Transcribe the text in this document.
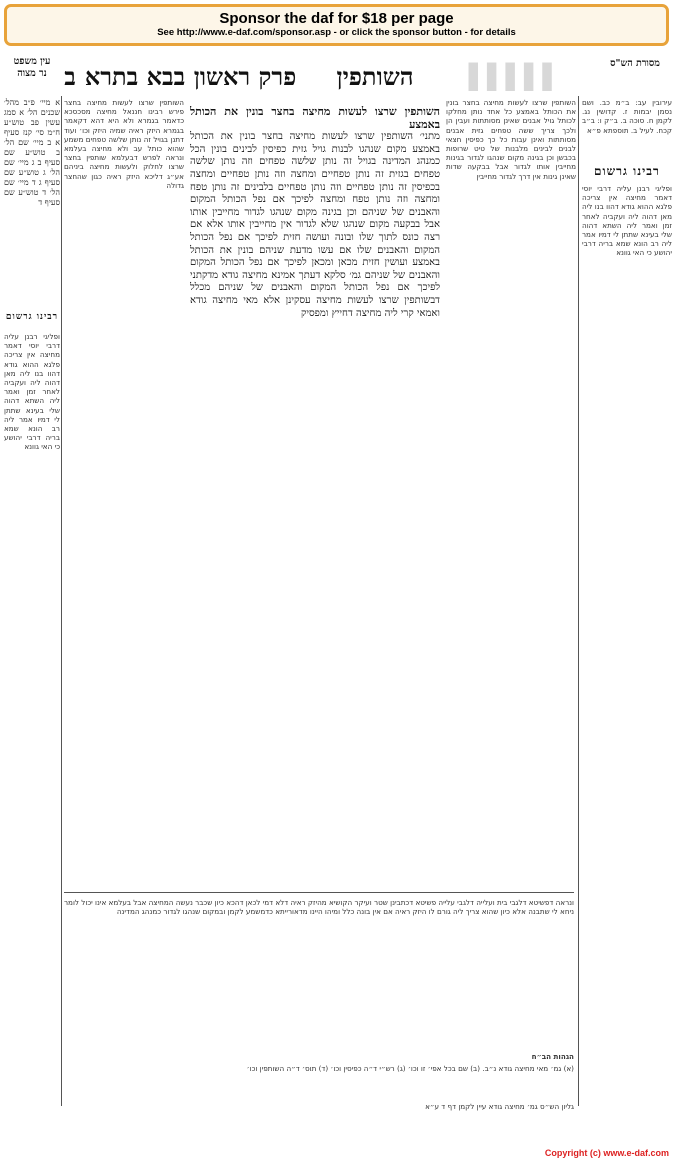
Sponsor the daf for $18 per page
See http://www.e-daf.com/sponsor.asp - or click the sponsor button - for details
ב בבא בתרא פרק ראשון	השותפין	▌▌▌▌▌
עין משפט
נר מצוה
מסורת הש"ס
א מיי׳ פ״ב מהל׳ שכנים הל׳ א סמג עשין פב טוש״ע ח״מ סי׳ קנז סעיף א ב מיי׳ שם הל׳ ב טוש״ע שם סעיף ב ג מיי׳ שם הל׳ ג טוש״ע שם סעיף ג ד מיי׳ שם הל׳ ד טוש״ע שם סעיף ד
רבינו גרשום
ופליגי רבנן עליה דרבי יוסי דאמר מחיצה אין צריכה פלגא ההוא גודא דהוו בנו ליה מאן דהוה ליה ועקביה לאחר זמן ואמר ליה השתא דהוה שלי בעינא שתתן לי דמיו אמר ליה רב הונא שמא בריה דרבי יהושע כי האי גוונא
השותפין שרצו לעשות מחיצה בחצר פירש רבינו חננאל מחיצה מסכסכא כדאמר בגמרא ולא היא דהא דקאמר בגמרא היזק ראיה שמיה היזק וכו׳ ועוד דתנן בגויל זה נותן שלשה טפחים משמע שהוא כותל עב ולא מחיצה בעלמא ונראה לפרש דבעלמא שותפין בחצר שרצו לחלוק ולעשות מחיצה ביניהם אע״ג דליכא היזק ראיה כגון שהחצר גדולה
השותפין שרצו לעשות מחיצה בחצר בונין את הכותל באמצע
מתני׳ השותפין שרצו לעשות מחיצה בחצר בונין את הכותל באמצע מקום שנהגו לבנות גויל גזית כפיסין לבינים בונין הכל כמנהג המדינה בגויל זה נותן שלשה טפחים וזה נותן שלשה טפחים בגזית זה נותן טפחיים ומחצה וזה נותן טפחיים ומחצה בכפיסין זה נותן טפחיים וזה נותן טפחיים בלבינים זה נותן טפח ומחצה וזה נותן טפח ומחצה לפיכך אם נפל הכותל המקום והאבנים של שניהם וכן בגינה מקום שנהגו לגדור מחייבין אותו אבל בבקעה מקום שנהגו שלא לגדור אין מחייבין אותו אלא אם רצה כונס לתוך שלו ובונה ועושה חזית לפיכך אם נפל הכותל המקום והאבנים שלו אם עשו מדעת שניהם בונין את הכותל באמצע ועושין חזית מכאן ומכאן לפיכך אם נפל הכותל המקום והאבנים של שניהם גמ׳ סלקא דעתך אמינא מחיצה גודא מדקתני לפיכך אם נפל הכותל המקום והאבנים של שניהם מכלל דבשותפין שרצו לעשות מחיצה עסקינן אלא מאי מחיצה גודא ואמאי קרי ליה מחיצה דחייץ ומפסיק
השותפין שרצו לעשות מחיצה בחצר בונין את הכותל באמצע כל אחד נותן מחלקו לכותל גויל אבנים שאינן מסותתות ועבין הן ולכך צריך ששה טפחים גזית אבנים מסותתות ואינן עבות כל כך כפיסין חצאי לבנים לבינים מלבנות של טיט שרופות בכבשן וכן בגינה מקום שנהגו לגדור בגינות מחייבין אותו לגדור אבל בבקעה שדות שאינן גינות אין דרך לגדור מחייבין
עירובין עב: ב״מ כב. ושם נסמן יבמות ז. קדושין נג. לקמן ח. סוכה ב. ב״ק ו: ב״ב קכח. לעיל ב. תוספתא פ״א
רבינו גרשום
ופליגי רבנן עליה דרבי יוסי דאמר מחיצה אין צריכה פלגא ההוא גודא דהוו בנו ליה מאן דהוה ליה ועקביה לאחר זמן ואמר ליה השתא דהוה שלי בעינא שתתן לי דמיו אמר ליה רב הונא שמא בריה דרבי יהושע כי האי גוונא
ונראה דפשיטא דלגבי בית ועלייה דלגבי עלייה פשיטא דכתבינן שטר ועיקר הקושיא מהיזק ראיה דלא דמי לכאן דהכא כיון שכבר נעשה המחיצה אבל בעלמא אינו יכול לומר ניחא לי שתבנה אלא כיון שהוא צריך ליה גורם לו היזק ראיה אם אין בונה כלל ומיהו היינו מדאורייתא כדמשמע לקמן ובמקום שנהגו לגדור כמנהג המדינה
הגהות הב״ח
(א) גמ׳ מאי מחיצה גודא נ״ב. (ב) שם בכל אפי׳ זו וכו׳ (ג) רש״י ד״ה כפיסין וכו׳ (ד) תוס׳ ד״ה השותפין וכו׳
גליון הש״ס גמ׳ מחיצה גודא עיין לקמן דף ד ע״א
Copyright (c) www.e-daf.com
